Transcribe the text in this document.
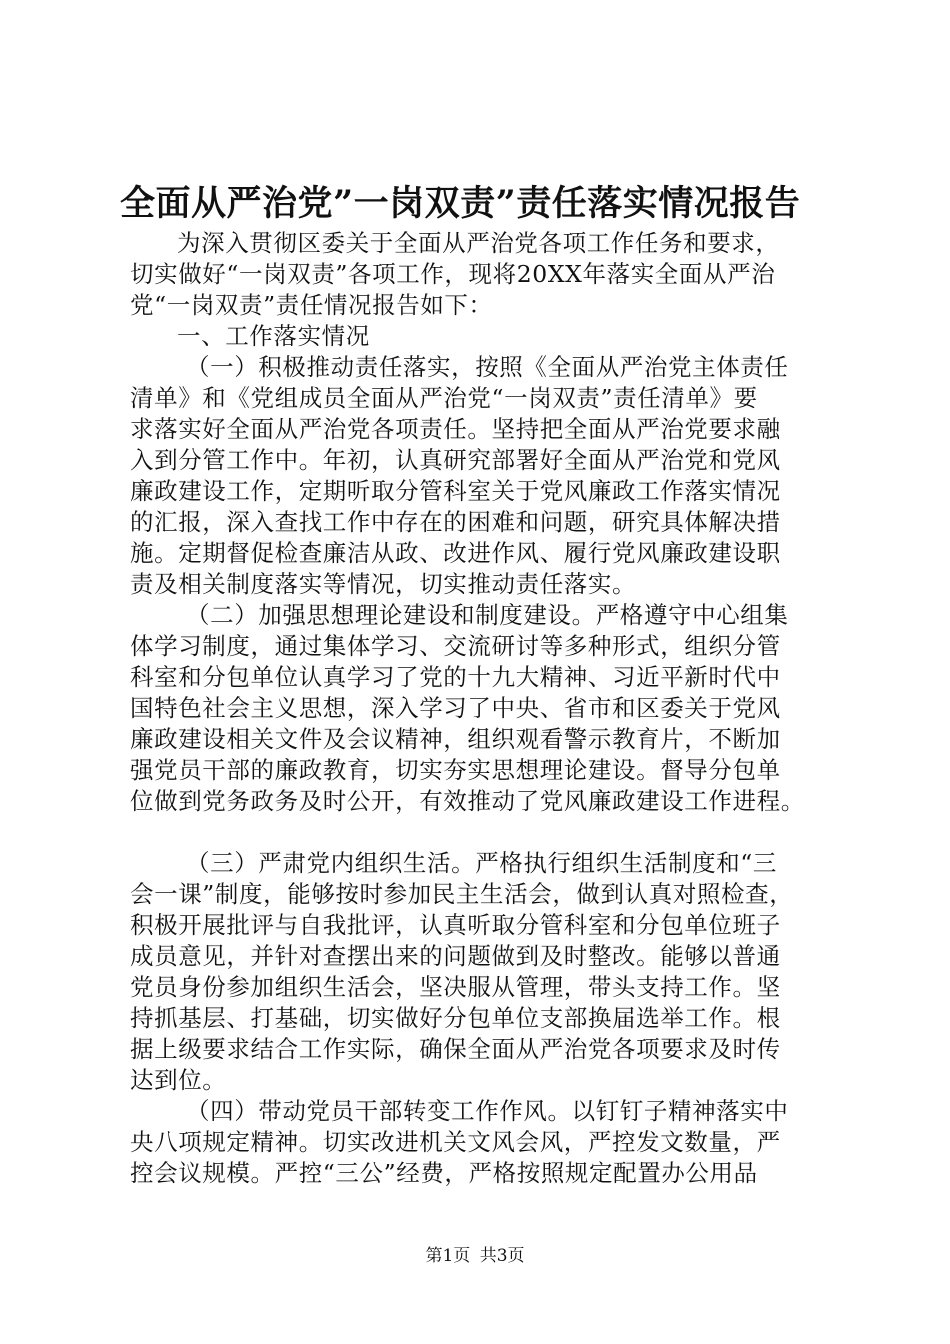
全面从严治党”一岗双责”责任落实情况报告
为深入贯彻区委关于全面从严治党各项工作任务和要求，
切实做好“一岗双责”各项工作，现将20XX年落实全面从严治
党“一岗双责”责任情况报告如下：
一、工作落实情况
（一）积极推动责任落实，按照《全面从严治党主体责任
清单》和《党组成员全面从严治党“一岗双责”责任清单》要
求落实好全面从严治党各项责任。坚持把全面从严治党要求融
入到分管工作中。年初，认真研究部署好全面从严治党和党风
廉政建设工作，定期听取分管科室关于党风廉政工作落实情况
的汇报，深入查找工作中存在的困难和问题，研究具体解决措
施。定期督促检查廉洁从政、改进作风、履行党风廉政建设职
责及相关制度落实等情况，切实推动责任落实。
（二）加强思想理论建设和制度建设。严格遵守中心组集
体学习制度，通过集体学习、交流研讨等多种形式，组织分管
科室和分包单位认真学习了党的十九大精神、习近平新时代中
国特色社会主义思想，深入学习了中央、省市和区委关于党风
廉政建设相关文件及会议精神，组织观看警示教育片，不断加
强党员干部的廉政教育，切实夯实思想理论建设。督导分包单
位做到党务政务及时公开，有效推动了党风廉政建设工作进程。
（三）严肃党内组织生活。严格执行组织生活制度和“三
会一课”制度，能够按时参加民主生活会，做到认真对照检查，
积极开展批评与自我批评，认真听取分管科室和分包单位班子
成员意见，并针对查摆出来的问题做到及时整改。能够以普通
党员身份参加组织生活会，坚决服从管理，带头支持工作。坚
持抓基层、打基础，切实做好分包单位支部换届选举工作。根
据上级要求结合工作实际，确保全面从严治党各项要求及时传
达到位。
（四）带动党员干部转变工作作风。以钉钉子精神落实中
央八项规定精神。切实改进机关文风会风，严控发文数量，严
控会议规模。严控“三公”经费，严格按照规定配置办公用品
第1页 共3页
